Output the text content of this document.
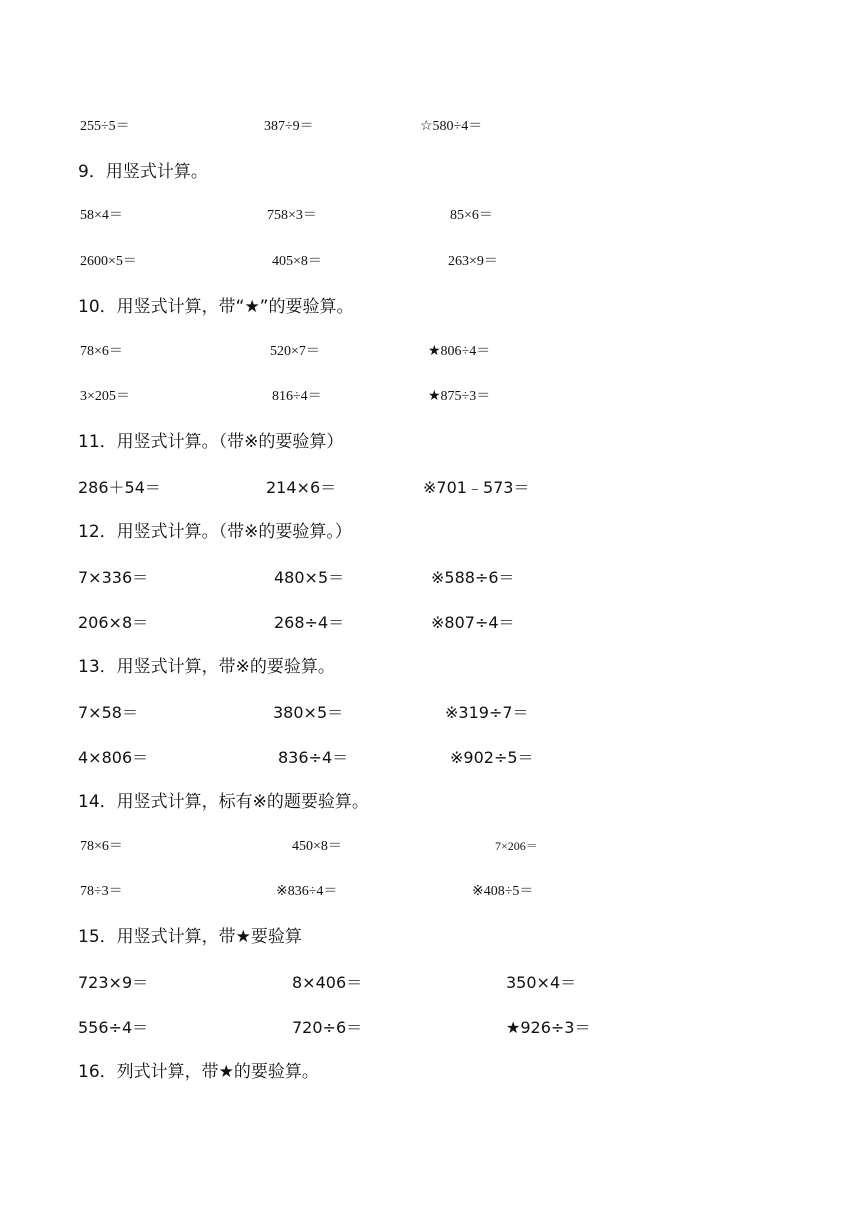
255÷5＝	387÷9＝	☆580÷4＝
9．用竖式计算。
58×4＝	758×3＝	85×6＝
2600×5＝	405×8＝	263×9＝
10．用竖式计算，带“★”的要验算。
78×6＝	520×7＝	★806÷4＝
3×205＝	816÷4＝	★875÷3＝
11．用竖式计算。（带※的要验算）
286＋54＝	214×6＝	※701﹣573＝
12．用竖式计算。（带※的要验算。）
7×336＝	480×5＝	※588÷6＝
206×8＝	268÷4＝	※807÷4＝
13．用竖式计算，带※的要验算。
7×58＝	380×5＝	※319÷7＝
4×806＝	836÷4＝	※902÷5＝
14．用竖式计算，标有※的题要验算。
78×6＝	450×8＝	7×206＝
78÷3＝	※836÷4＝	※408÷5＝
15．用竖式计算，带★要验算
723×9＝	8×406＝	350×4＝
556÷4＝	720÷6＝	★926÷3＝
16．列式计算，带★的要验算。
